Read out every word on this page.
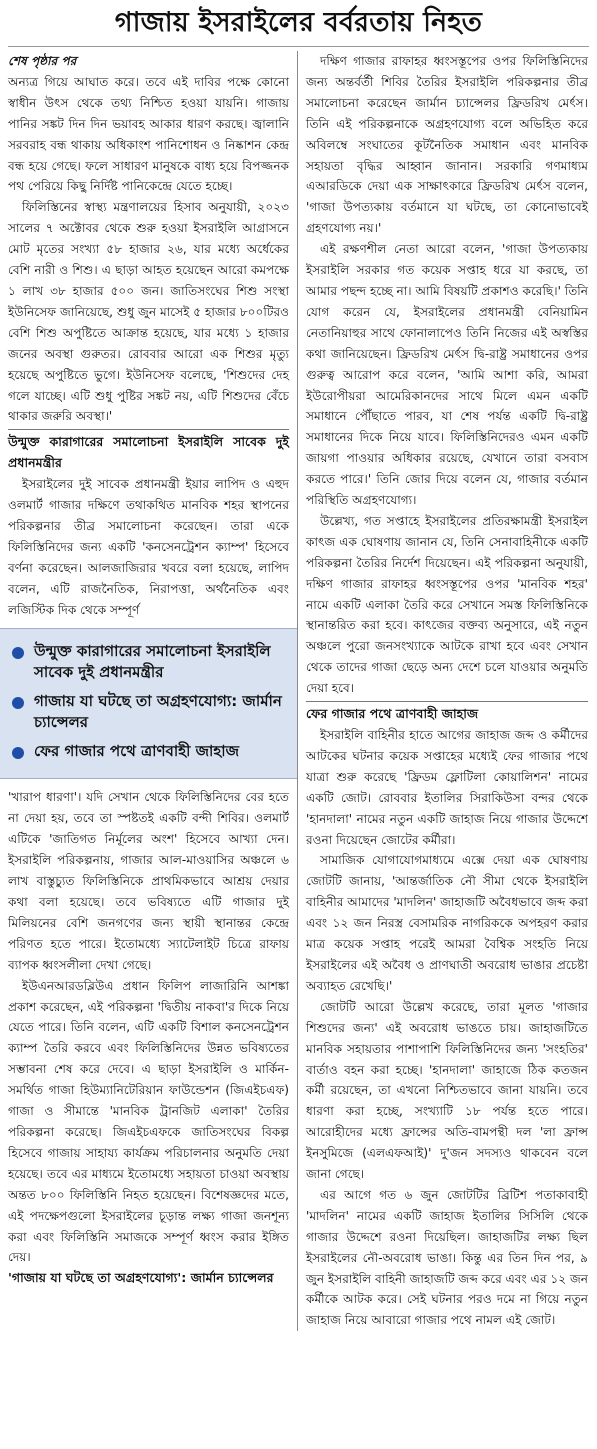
গাজায় ইসরাইলের বর্বরতায় নিহত
শেষ পৃষ্ঠার পর

অন্যত্র গিয়ে আঘাত করে। তবে এই দাবির পক্ষে কোনো স্বাধীন উৎস থেকে তথ্য নিশ্চিত হওয়া যায়নি। গাজায় পানির সঙ্কট দিন দিন ভয়াবহ আকার ধারণ করছে। জ্বালানি সরবরাহ বন্ধ থাকায় অধিকাংশ পানিশোধন ও নিষ্কাশন কেন্দ্র বন্ধ হয়ে গেছে। ফলে সাধারণ মানুষকে বাধ্য হয়ে বিপজ্জনক পথ পেরিয়ে কিছু নির্দিষ্ট পানিকেন্দ্রে যেতে হচ্ছে।

ফিলিস্তিনের স্বাস্থ্য মন্ত্রণালয়ের হিসাব অনুযায়ী, ২০২৩ সালের ৭ অক্টোবর থেকে শুরু হওয়া ইসরাইলি আগ্রাসনে মোট মৃতের সংখ্যা ৫৮ হাজার ২৬, যার মধ্যে অর্ধেকের বেশি নারী ও শিশু। এ ছাড়া আহত হয়েছেন আরো কমপক্ষে ১ লাখ ৩৮ হাজার ৫০০ জন। জাতিসংঘের শিশু সংস্থা ইউনিসেফ জানিয়েছে, শুধু জুন মাসেই ৫ হাজার ৮০০টিরও বেশি শিশু অপুষ্টিতে আক্রান্ত হয়েছে, যার মধ্যে ১ হাজার জনের অবস্থা গুরুতর। রোববার আরো এক শিশুর মৃত্যু হয়েছে অপুষ্টিতে ভুগে। ইউনিসেফ বলেছে, 'শিশুদের দেহ গলে যাচ্ছে। এটি শুধু পুষ্টির সঙ্কট নয়, এটি শিশুদের বেঁচে থাকার জরুরি অবস্থা।'

উন্মুক্ত কারাগারের সমালোচনা ইসরাইলি সাবেক দুই প্রধানমন্ত্রীর

ইসরাইলের দুই সাবেক প্রধানমন্ত্রী ইয়ার লাপিদ ও এহুদ ওলমার্ট গাজার দক্ষিণে তথাকথিত মানবিক শহর স্থাপনের পরিকল্পনার তীব্র সমালোচনা করেছেন। তারা একে ফিলিস্তিনিদের জন্য একটি 'কনসেনট্রেশন ক্যাম্প' হিসেবে বর্ণনা করেছেন। আলজাজিরার খবরে বলা হয়েছে, লাপিদ বলেন, এটি রাজনৈতিক, নিরাপত্তা, অর্থনৈতিক এবং লজিস্টিক দিক থেকে সম্পূর্ণ

উন্মুক্ত কারাগারের সমালোচনা ইসরাইলি সাবেক দুই প্রধানমন্ত্রীর
গাজায় যা ঘটছে তা অগ্রহণযোগ্য: জার্মান চ্যান্সেলর
ফের গাজার পথে ত্রাণবাহী জাহাজ

'খারাপ ধারণা'। যদি সেখান থেকে ফিলিস্তিনিদের বের হতে না দেয়া হয়, তবে তা স্পষ্টতই একটি বন্দী শিবির। ওলমার্ট এটিকে 'জাতিগত নির্মূলের অংশ' হিসেবে আখ্যা দেন। ইসরাইলি পরিকল্পনায়, গাজার আল-মাওয়াসির অঞ্চলে ৬ লাখ বাস্তুচ্যুত ফিলিস্তিনিকে প্রাথমিকভাবে আশ্রয় দেয়ার কথা বলা হয়েছে। তবে ভবিষ্যতে এটি গাজার দুই মিলিয়নের বেশি জনগণের জন্য স্থায়ী স্থানান্তর কেন্দ্রে পরিণত হতে পারে। ইতোমধ্যে স্যাটেলাইট চিত্রে রাফায় ব্যাপক ধ্বংসলীলা দেখা গেছে।

ইউএনআরডব্লিউএ প্রধান ফিলিপ লাজারিনি আশঙ্কা প্রকাশ করেছেন, এই পরিকল্পনা 'দ্বিতীয় নাকবা'র দিকে নিয়ে যেতে পারে। তিনি বলেন, এটি একটি বিশাল কনসেনট্রেশন ক্যাম্প তৈরি করবে এবং ফিলিস্তিনিদের উন্নত ভবিষ্যতের সম্ভাবনা শেষ করে দেবে। এ ছাড়া ইসরাইলি ও মার্কিন-সমর্থিত গাজা হিউম্যানিটেরিয়ান ফাউন্ডেশন (জিএইচএফ) গাজা ও সীমান্তে 'মানবিক ট্রানজিট এলাকা' তৈরির পরিকল্পনা করেছে। জিএইচএফকে জাতিসংঘের বিকল্প হিসেবে গাজায় সাহায্য কার্যক্রম পরিচালনার অনুমতি দেয়া হয়েছে। তবে এর মাধ্যমে ইতোমধ্যে সহায়তা চাওয়া অবস্থায় অন্তত ৮০০ ফিলিস্তিনি নিহত হয়েছেন। বিশেষজ্ঞদের মতে, এই পদক্ষেপগুলো ইসরাইলের চূড়ান্ত লক্ষ্য গাজা জনশূন্য করা এবং ফিলিস্তিনি সমাজকে সম্পূর্ণ ধ্বংস করার ইঙ্গিত দেয়।

'গাজায় যা ঘটছে তা অগ্রহণযোগ্য': জার্মান চ্যান্সেলর

দক্ষিণ গাজার রাফাহর ধ্বংসস্তূপের ওপর ফিলিস্তিনিদের জন্য অন্তর্বর্তী শিবির তৈরির ইসরাইলি পরিকল্পনার তীব্র সমালোচনা করেছেন জার্মান চ্যান্সেলর ফ্রিডরিখ মের্ৎস। তিনি এই পরিকল্পনাকে অগ্রহণযোগ্য বলে অভিহিত করে অবিলম্বে সংঘাতের কূটনৈতিক সমাধান এবং মানবিক সহায়তা বৃদ্ধির আহ্বান জানান। সরকারি গণমাধ্যম এআরডিকে দেয়া এক সাক্ষাৎকারে ফ্রিডরিখ মের্ৎস বলেন, 'গাজা উপত্যকায় বর্তমানে যা ঘটছে, তা কোনোভাবেই গ্রহণযোগ্য নয়।'

এই রক্ষণশীল নেতা আরো বলেন, 'গাজা উপত্যকায় ইসরাইলি সরকার গত কয়েক সপ্তাহ ধরে যা করছে, তা আমার পছন্দ হচ্ছে না। আমি বিষয়টি প্রকাশও করেছি।' তিনি যোগ করেন যে, ইসরাইলের প্রধানমন্ত্রী বেনিয়ামিন নেতানিয়াহুর সাথে ফোনালাপেও তিনি নিজের এই অস্বস্তির কথা জানিয়েছেন। ফ্রিডরিখ মের্ৎস দ্বি-রাষ্ট্র সমাধানের ওপর গুরুত্ব আরোপ করে বলেন, 'আমি আশা করি, আমরা ইউরোপীয়রা আমেরিকানদের সাথে মিলে এমন একটি সমাধানে পৌঁছাতে পারব, যা শেষ পর্যন্ত একটি দ্বি-রাষ্ট্র সমাধানের দিকে নিয়ে যাবে। ফিলিস্তিনিদেরও এমন একটি জায়গা পাওয়ার অধিকার রয়েছে, যেখানে তারা বসবাস করতে পারে।' তিনি জোর দিয়ে বলেন যে, গাজার বর্তমান পরিস্থিতি অগ্রহণযোগ্য।

উল্লেখ্য, গত সপ্তাহে ইসরাইলের প্রতিরক্ষামন্ত্রী ইসরাইল কাৎজ এক ঘোষণায় জানান যে, তিনি সেনাবাহিনীকে একটি পরিকল্পনা তৈরির নির্দেশ দিয়েছেন। এই পরিকল্পনা অনুযায়ী, দক্ষিণ গাজার রাফাহর ধ্বংসস্তূপের ওপর 'মানবিক শহর' নামে একটি এলাকা তৈরি করে সেখানে সমস্ত ফিলিস্তিনিকে স্থানান্তরিত করা হবে। কাৎজের বক্তব্য অনুসারে, এই নতুন অঞ্চলে পুরো জনসংখ্যাকে আটকে রাখা হবে এবং সেখান থেকে তাদের গাজা ছেড়ে অন্য দেশে চলে যাওয়ার অনুমতি দেয়া হবে।

ফের গাজার পথে ত্রাণবাহী জাহাজ

ইসরাইলি বাহিনীর হাতে আগের জাহাজ জব্দ ও কর্মীদের আটকের ঘটনার কয়েক সপ্তাহের মধ্যেই ফের গাজার পথে যাত্রা শুরু করেছে 'ফ্রিডম ফ্লোটিলা কোয়ালিশন' নামের একটি জোট। রোববার ইতালির সিরাকিউসা বন্দর থেকে 'হানদালা' নামের নতুন একটি জাহাজ নিয়ে গাজার উদ্দেশে রওনা দিয়েছেন জোটের কর্মীরা।

সামাজিক যোগাযোগমাধ্যমে এক্সে দেয়া এক ঘোষণায় জোটটি জানায়, 'আন্তর্জাতিক নৌ সীমা থেকে ইসরাইলি বাহিনীর আমাদের 'মাদলিন' জাহাজটি অবৈধভাবে জব্দ করা এবং ১২ জন নিরস্ত্র বেসামরিক নাগরিককে অপহরণ করার মাত্র কয়েক সপ্তাহ পরেই আমরা বৈশ্বিক সংহতি নিয়ে ইসরাইলের এই অবৈধ ও প্রাণঘাতী অবরোধ ভাঙার প্রচেষ্টা অব্যাহত রেখেছি।'

জোটটি আরো উল্লেখ করেছে, তারা মূলত 'গাজার শিশুদের জন্য' এই অবরোধ ভাঙতে চায়। জাহাজটিতে মানবিক সহায়তার পাশাপাশি ফিলিস্তিনিদের জন্য 'সংহতির' বার্তাও বহন করা হচ্ছে। 'হানদালা' জাহাজে ঠিক কতজন কর্মী রয়েছেন, তা এখনো নিশ্চিতভাবে জানা যায়নি। তবে ধারণা করা হচ্ছে, সংখ্যাটি ১৮ পর্যন্ত হতে পারে। আরোহীদের মধ্যে ফ্রান্সের অতি-বামপন্থী দল 'লা ফ্রান্স ইনসুমিজে (এলএফআই)' দু'জন সদস্যও থাকবেন বলে জানা গেছে।

এর আগে গত ৬ জুন জোটটির ব্রিটিশ পতাকাবাহী 'মাদলিন' নামের একটি জাহাজ ইতালির সিসিলি থেকে গাজার উদ্দেশে রওনা দিয়েছিল। জাহাজটির লক্ষ্য ছিল ইসরাইলের নৌ-অবরোধ ভাঙা। কিন্তু এর তিন দিন পর, ৯ জুন ইসরাইলি বাহিনী জাহাজটি জব্দ করে এবং এর ১২ জন কর্মীকে আটক করে। সেই ঘটনার পরও দমে না গিয়ে নতুন জাহাজ নিয়ে আবারো গাজার পথে নামল এই জোট।
